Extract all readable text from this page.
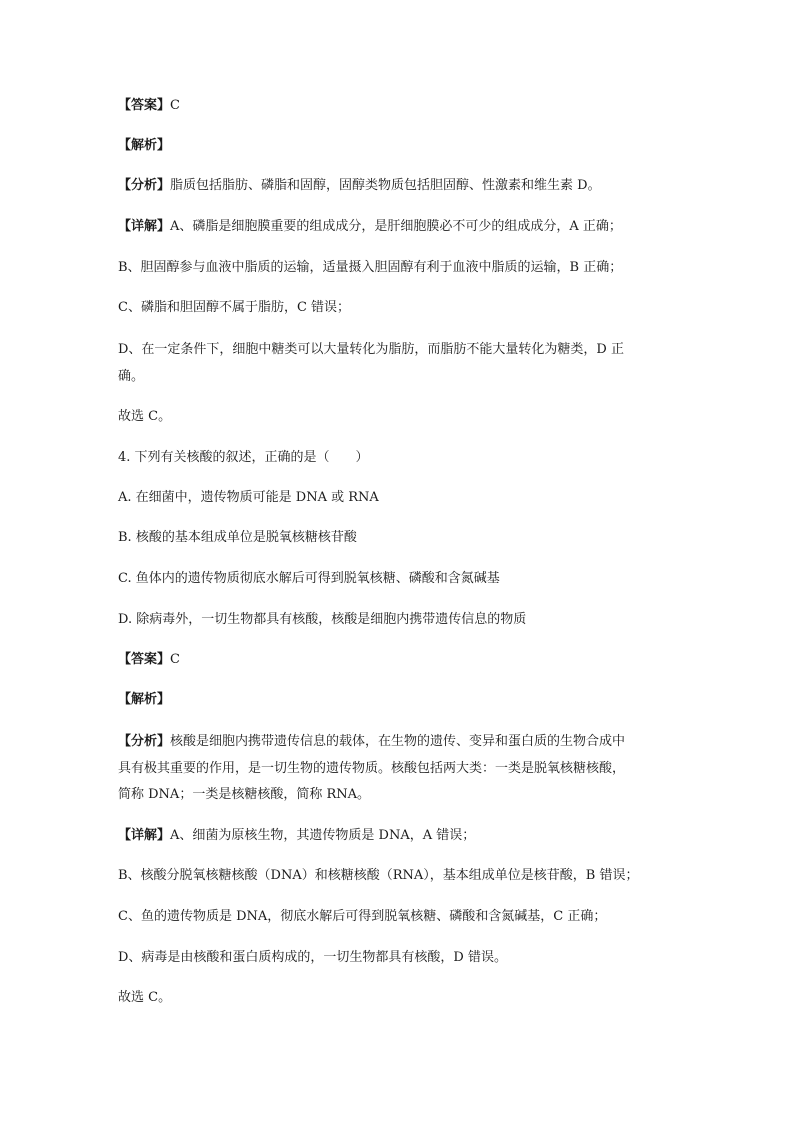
【答案】C
【解析】
【分析】脂质包括脂肪、磷脂和固醇，固醇类物质包括胆固醇、性激素和维生素 D。
【详解】A、磷脂是细胞膜重要的组成成分，是肝细胞膜必不可少的组成成分，A 正确；
B、胆固醇参与血液中脂质的运输，适量摄入胆固醇有利于血液中脂质的运输，B 正确；
C、磷脂和胆固醇不属于脂肪，C 错误；
D、在一定条件下，细胞中糖类可以大量转化为脂肪，而脂肪不能大量转化为糖类，D 正
确。
故选 C。
4. 下列有关核酸的叙述，正确的是（　　）
A. 在细菌中，遗传物质可能是 DNA 或 RNA
B. 核酸的基本组成单位是脱氧核糖核苷酸
C. 鱼体内的遗传物质彻底水解后可得到脱氧核糖、磷酸和含氮碱基
D. 除病毒外，一切生物都具有核酸，核酸是细胞内携带遗传信息的物质
【答案】C
【解析】
【分析】核酸是细胞内携带遗传信息的载体，在生物的遗传、变异和蛋白质的生物合成中
具有极其重要的作用，是一切生物的遗传物质。核酸包括两大类：一类是脱氧核糖核酸，
简称 DNA；一类是核糖核酸，简称 RNA。
【详解】A、细菌为原核生物，其遗传物质是 DNA，A 错误；
B、核酸分脱氧核糖核酸（DNA）和核糖核酸（RNA），基本组成单位是核苷酸，B 错误；
C、鱼的遗传物质是 DNA，彻底水解后可得到脱氧核糖、磷酸和含氮碱基，C 正确；
D、病毒是由核酸和蛋白质构成的，一切生物都具有核酸，D 错误。
故选 C。
